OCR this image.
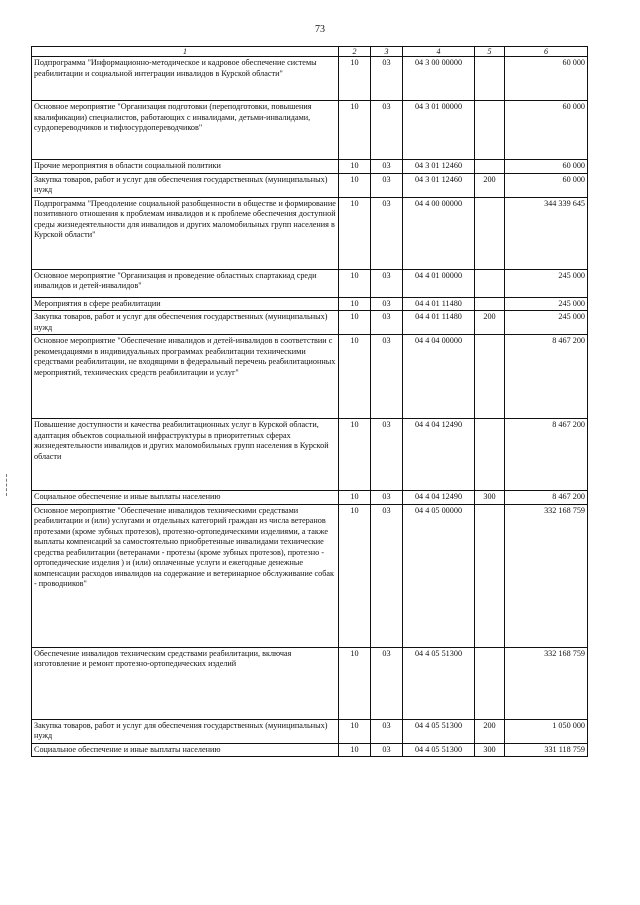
73
1	2	3	4	5	6
Подпрограмма "Информационно-методическое и кадровое обеспечение системы реабилитации и социальной интеграции инвалидов в Курской области"	10	03	04 3 00 00000		60 000
Основное мероприятие "Организация подготовки (переподготовки, повышения квалификации) специалистов, работающих с инвалидами, детьми-инвалидами, сурдопереводчиков и тифлосурдопереводчиков"	10	03	04 3 01 00000		60 000
Прочие мероприятия в области социальной политики	10	03	04 3 01 12460		60 000
Закупка товаров, работ и услуг для обеспечения государственных (муниципальных) нужд	10	03	04 3 01 12460	200	60 000
Подпрограмма "Преодоление социальной разобщенности в обществе и формирование позитивного отношения к проблемам инвалидов и к проблеме обеспечения доступной среды жизнедеятельности для инвалидов и других маломобильных групп населения в Курской области"	10	03	04 4 00 00000		344 339 645
Основное мероприятие "Организация и проведение областных спартакиад среди инвалидов и детей-инвалидов"	10	03	04 4 01 00000		245 000
Мероприятия в сфере реабилитации	10	03	04 4 01 11480		245 000
Закупка товаров, работ и услуг для обеспечения государственных (муниципальных) нужд	10	03	04 4 01 11480	200	245 000
Основное мероприятие "Обеспечение инвалидов и детей-инвалидов в соответствии с рекомендациями в индивидуальных программах реабилитации техническими средствами реабилитации, не входящими в федеральный перечень реабилитационных мероприятий, технических средств реабилитации и услуг"	10	03	04 4 04 00000		8 467 200
Повышение доступности и качества реабилитационных услуг в Курской области, адаптация объектов социальной инфраструктуры в приоритетных сферах жизнедеятельности инвалидов и других маломобильных групп населения в Курской области	10	03	04 4 04 12490		8 467 200
Социальное обеспечение и иные выплаты населению	10	03	04 4 04 12490	300	8 467 200
Основное мероприятие "Обеспечение инвалидов техническими средствами реабилитации и (или) услугами и отдельных категорий граждан из числа ветеранов протезами (кроме зубных протезов), протезно-ортопедическими изделиями, а также выплаты компенсаций за самостоятельно приобретенные инвалидами технические средства реабилитации (ветеранами - протезы (кроме зубных протезов), протезно - ортопедические изделия ) и (или) оплаченные услуги и ежегодные денежные компенсации расходов инвалидов на содержание и ветеринарное обслуживание собак - проводников"	10	03	04 4 05 00000		332 168 759
Обеспечение инвалидов техническим средствами реабилитации, включая изготовление и ремонт протезно-ортопедических изделий	10	03	04 4 05 51300		332 168 759
Закупка товаров, работ и услуг для обеспечения государственных (муниципальных) нужд	10	03	04 4 05 51300	200	1 050 000
Социальное обеспечение и иные выплаты населению	10	03	04 4 05 51300	300	331 118 759
